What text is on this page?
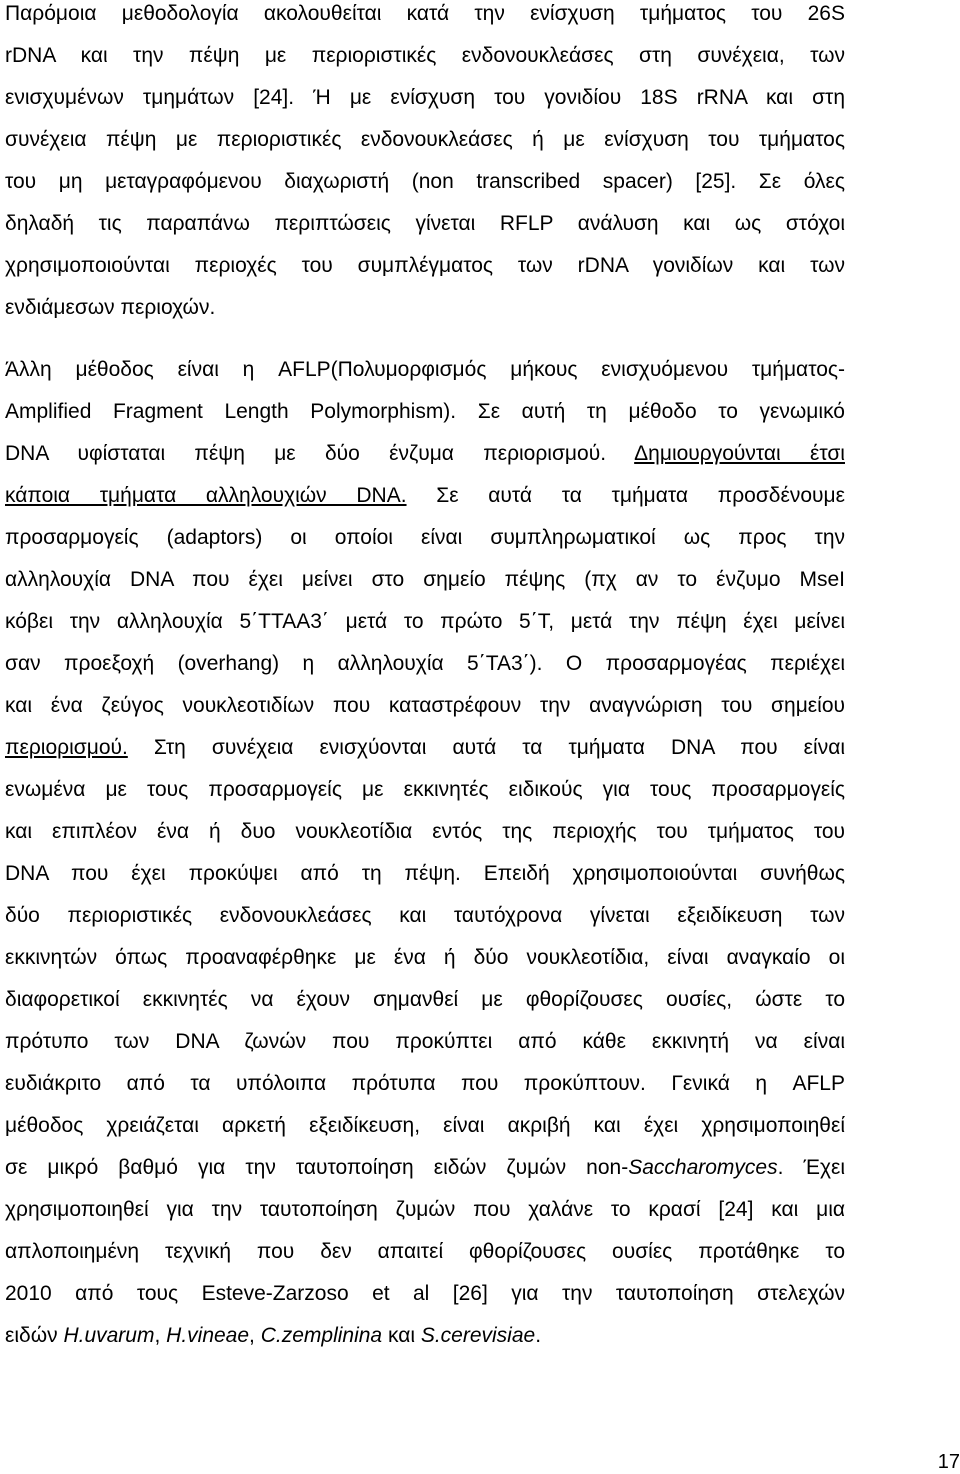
Παρόμοια μεθοδολογία ακολουθείται κατά την ενίσχυση τμήματος του 26S
rDNA και την πέψη με περιοριστικές ενδονουκλεάσες στη συνέχεια, των
ενισχυμένων τμημάτων [24]. Ή με ενίσχυση του γονιδίου 18S rRNA και στη
συνέχεια πέψη με περιοριστικές ενδονουκλεάσες ή με ενίσχυση του τμήματος
του μη μεταγραφόμενου διαχωριστή (non transcribed spacer) [25]. Σε όλες
δηλαδή τις παραπάνω περιπτώσεις γίνεται RFLP ανάλυση και ως στόχοι
χρησιμοποιούνται περιοχές του συμπλέγματος των rDNA γονιδίων και των
ενδιάμεσων περιοχών.
Άλλη μέθοδος είναι η AFLP(Πολυμορφισμός μήκους ενισχυόμενου τμήματος-
Amplified Fragment Length Polymorphism). Σε αυτή τη μέθοδο το γενωμικό
DNA υφίσταται πέψη με δύο ένζυμα περιορισμού. Δημιουργούνται έτσι
κάποια τμήματα αλληλουχιών DNA. Σε αυτά τα τμήματα προσδένουμε
προσαρμογείς (adaptors) οι οποίοι είναι συμπληρωματικοί ως προς την
αλληλουχία DNA που έχει μείνει στο σημείο πέψης (πχ αν το ένζυμο MseI
κόβει την αλληλουχία 5΄TTAA3΄ μετά το πρώτο 5΄T, μετά την πέψη έχει μείνει
σαν προεξοχή (overhang) η αλληλουχία 5΄TA3΄). Ο προσαρμογέας περιέχει
και ένα ζεύγος νουκλεοτιδίων που καταστρέφουν την αναγνώριση του σημείου
περιορισμού. Στη συνέχεια ενισχύονται αυτά τα τμήματα DNA που είναι
ενωμένα με τους προσαρμογείς με εκκινητές ειδικούς για τους προσαρμογείς
και επιπλέον ένα ή δυο νουκλεοτίδια εντός της περιοχής του τμήματος του
DNA που έχει προκύψει από τη πέψη. Επειδή χρησιμοποιούνται συνήθως
δύο περιοριστικές ενδονουκλεάσες και ταυτόχρονα γίνεται εξειδίκευση των
εκκινητών όπως προαναφέρθηκε με ένα ή δύο νουκλεοτίδια, είναι αναγκαίο οι
διαφορετικοί εκκινητές να έχουν σημανθεί με φθορίζουσες ουσίες, ώστε το
πρότυπο των DNA ζωνών που προκύπτει από κάθε εκκινητή να είναι
ευδιάκριτο από τα υπόλοιπα πρότυπα που προκύπτουν. Γενικά η AFLP
μέθοδος χρειάζεται αρκετή εξειδίκευση, είναι ακριβή και έχει χρησιμοποιηθεί
σε μικρό βαθμό για την ταυτοποίηση ειδών ζυμών non-Saccharomyces. Έχει
χρησιμοποιηθεί για την ταυτοποίηση ζυμών που χαλάνε το κρασί [24] και μια
απλοποιημένη τεχνική που δεν απαιτεί φθορίζουσες ουσίες προτάθηκε το
2010 από τους Esteve-Zarzoso et al [26] για την ταυτοποίηση στελεχών
ειδών H.uvarum, H.vineae, C.zemplinina και S.cerevisiae.
17
